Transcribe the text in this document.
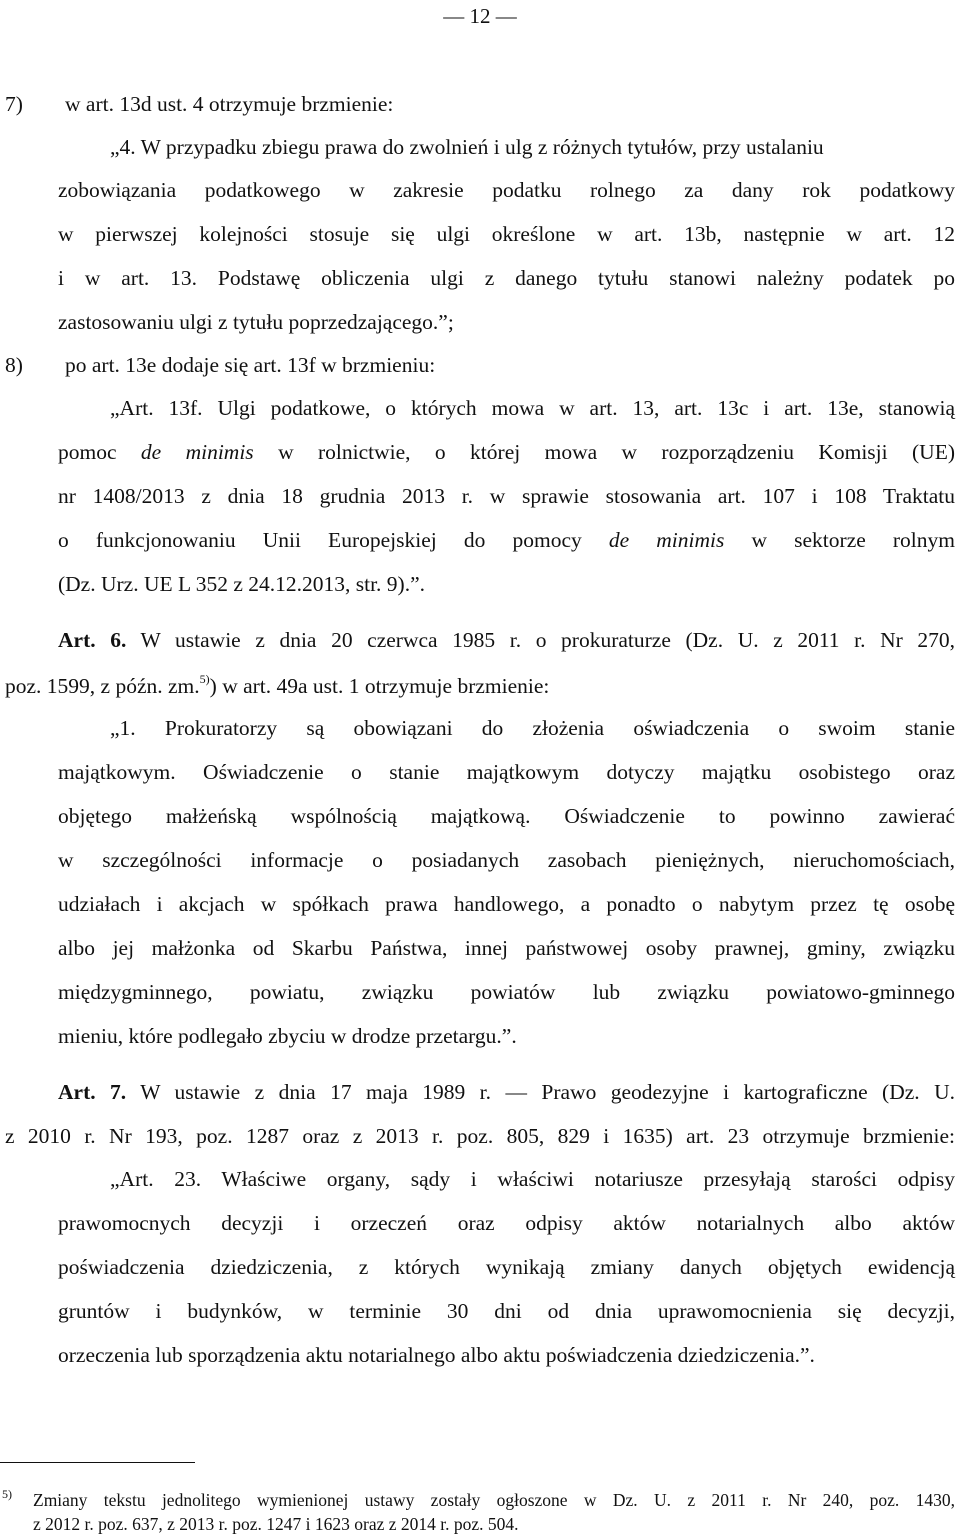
— 12 —
7) w art. 13d ust. 4 otrzymuje brzmienie:
„4. W przypadku zbiegu prawa do zwolnień i ulg z różnych tytułów, przy ustalaniu
zobowiązania podatkowego w zakresie podatku rolnego za dany rok podatkowy
w pierwszej kolejności stosuje się ulgi określone w art. 13b, następnie w art. 12
i w art. 13. Podstawę obliczenia ulgi z danego tytułu stanowi należny podatek po
zastosowaniu ulgi z tytułu poprzedzającego.”;
8) po art. 13e dodaje się art. 13f w brzmieniu:
„Art. 13f. Ulgi podatkowe, o których mowa w art. 13, art. 13c i art. 13e, stanowią
pomoc de minimis w rolnictwie, o której mowa w rozporządzeniu Komisji (UE)
nr 1408/2013 z dnia 18 grudnia 2013 r. w sprawie stosowania art. 107 i 108 Traktatu
o funkcjonowaniu Unii Europejskiej do pomocy de minimis w sektorze rolnym
(Dz. Urz. UE L 352 z 24.12.2013, str. 9).”.
Art. 6. W ustawie z dnia 20 czerwca 1985 r. o prokuraturze (Dz. U. z 2011 r. Nr 270,
poz. 1599, z późn. zm.$^{5)}$) w art. 49a ust. 1 otrzymuje brzmienie:
„1. Prokuratorzy są obowiązani do złożenia oświadczenia o swoim stanie
majątkowym. Oświadczenie o stanie majątkowym dotyczy majątku osobistego oraz
objętego małżeńską wspólnością majątkową. Oświadczenie to powinno zawierać
w szczególności informacje o posiadanych zasobach pieniężnych, nieruchomościach,
udziałach i akcjach w spółkach prawa handlowego, a ponadto o nabytym przez tę osobę
albo jej małżonka od Skarbu Państwa, innej państwowej osoby prawnej, gminy, związku
międzygminnego, powiatu, związku powiatów lub związku powiatowo-gminnego
mieniu, które podlegało zbyciu w drodze przetargu.”.
Art. 7. W ustawie z dnia 17 maja 1989 r. — Prawo geodezyjne i kartograficzne (Dz. U.
z 2010 r. Nr 193, poz. 1287 oraz z 2013 r. poz. 805, 829 i 1635) art. 23 otrzymuje brzmienie:
„Art. 23. Właściwe organy, sądy i właściwi notariusze przesyłają starości odpisy
prawomocnych decyzji i orzeczeń oraz odpisy aktów notarialnych albo aktów
poświadczenia dziedziczenia, z których wynikają zmiany danych objętych ewidencją
gruntów i budynków, w terminie 30 dni od dnia uprawomocnienia się decyzji,
orzeczenia lub sporządzenia aktu notarialnego albo aktu poświadczenia dziedziczenia.”.
5) Zmiany tekstu jednolitego wymienionej ustawy zostały ogłoszone w Dz. U. z 2011 r. Nr 240, poz. 1430,
z 2012 r. poz. 637, z 2013 r. poz. 1247 i 1623 oraz z 2014 r. poz. 504.
